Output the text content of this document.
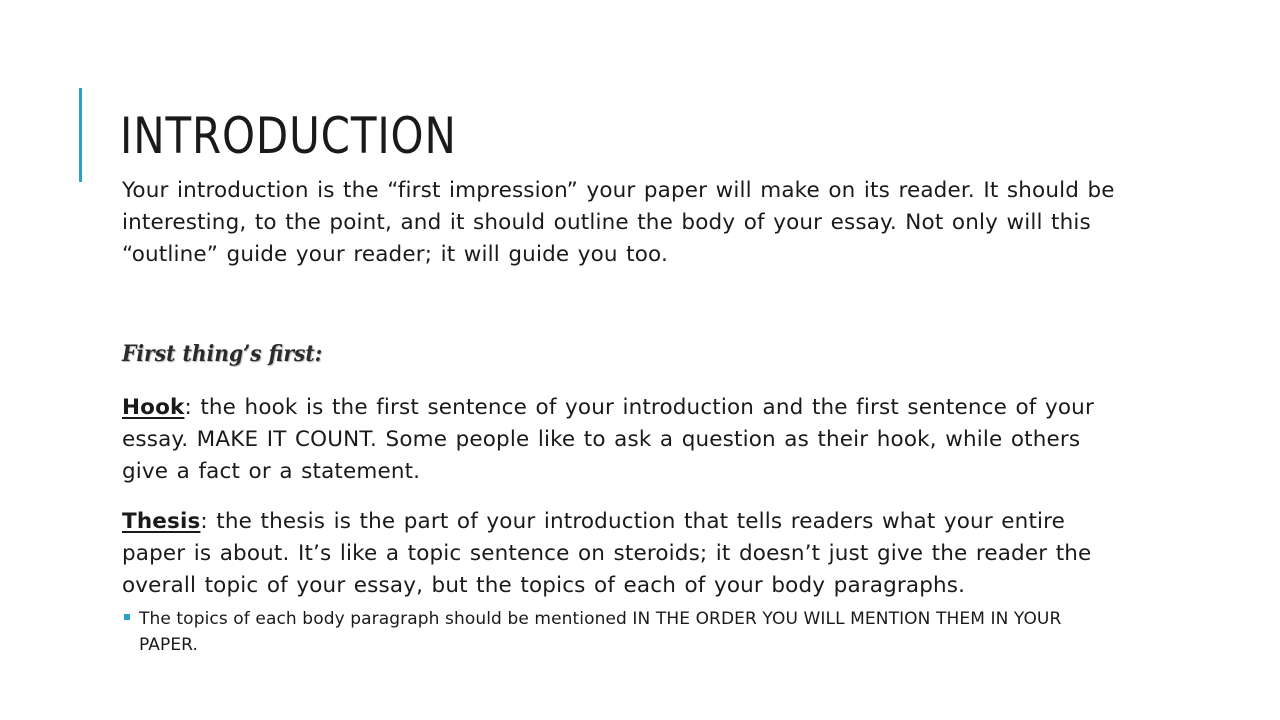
INTRODUCTION

Your introduction is the “first impression” your paper will make on its reader. It should be interesting, to the point, and it should outline the body of your essay. Not only will this “outline” guide your reader; it will guide you too.

First thing’s first:

Hook: the hook is the first sentence of your introduction and the first sentence of your essay. MAKE IT COUNT. Some people like to ask a question as their hook, while others give a fact or a statement.

Thesis: the thesis is the part of your introduction that tells readers what your entire paper is about. It’s like a topic sentence on steroids; it doesn’t just give the reader the overall topic of your essay, but the topics of each of your body paragraphs.

The topics of each body paragraph should be mentioned IN THE ORDER YOU WILL MENTION THEM IN YOUR PAPER.
